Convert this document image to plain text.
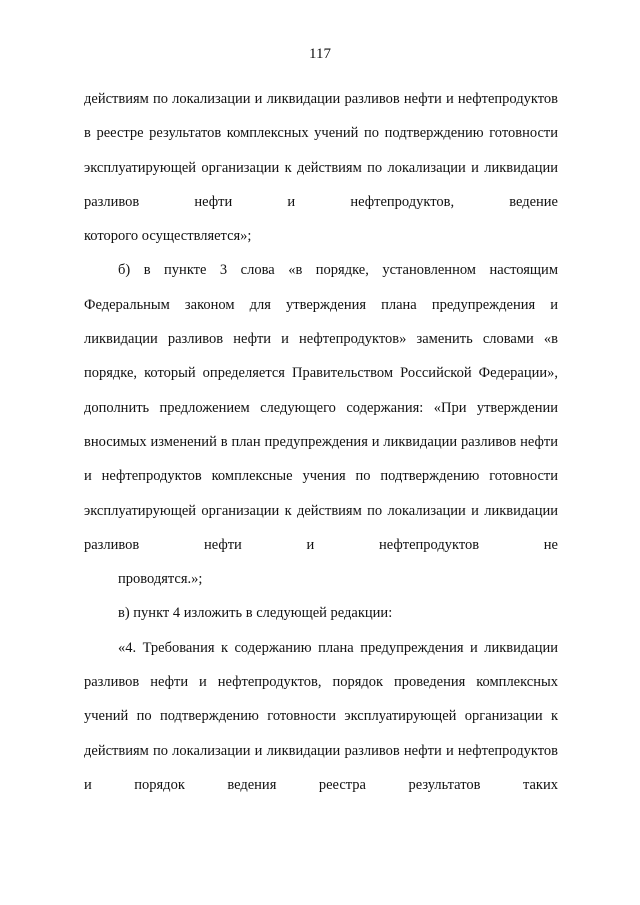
117

действиям по локализации и ликвидации разливов нефти и нефтепродуктов в реестре результатов комплексных учений по подтверждению готовности эксплуатирующей организации к действиям по локализации и ликвидации разливов нефти и нефтепродуктов, ведение
которого осуществляется»;

б) в пункте 3 слова «в порядке, установленном настоящим Федеральным законом для утверждения плана предупреждения и ликвидации разливов нефти и нефтепродуктов» заменить словами «в порядке, который определяется Правительством Российской Федерации», дополнить предложением следующего содержания: «При утверждении вносимых изменений в план предупреждения и ликвидации разливов нефти и нефтепродуктов комплексные учения по подтверждению готовности эксплуатирующей организации к действиям по локализации и ликвидации разливов нефти и нефтепродуктов не
проводятся.»;

в) пункт 4 изложить в следующей редакции:

«4. Требования к содержанию плана предупреждения и ликвидации разливов нефти и нефтепродуктов, порядок проведения комплексных учений по подтверждению готовности эксплуатирующей организации к действиям по локализации и ликвидации разливов нефти и нефтепродуктов и порядок ведения реестра результатов таких
